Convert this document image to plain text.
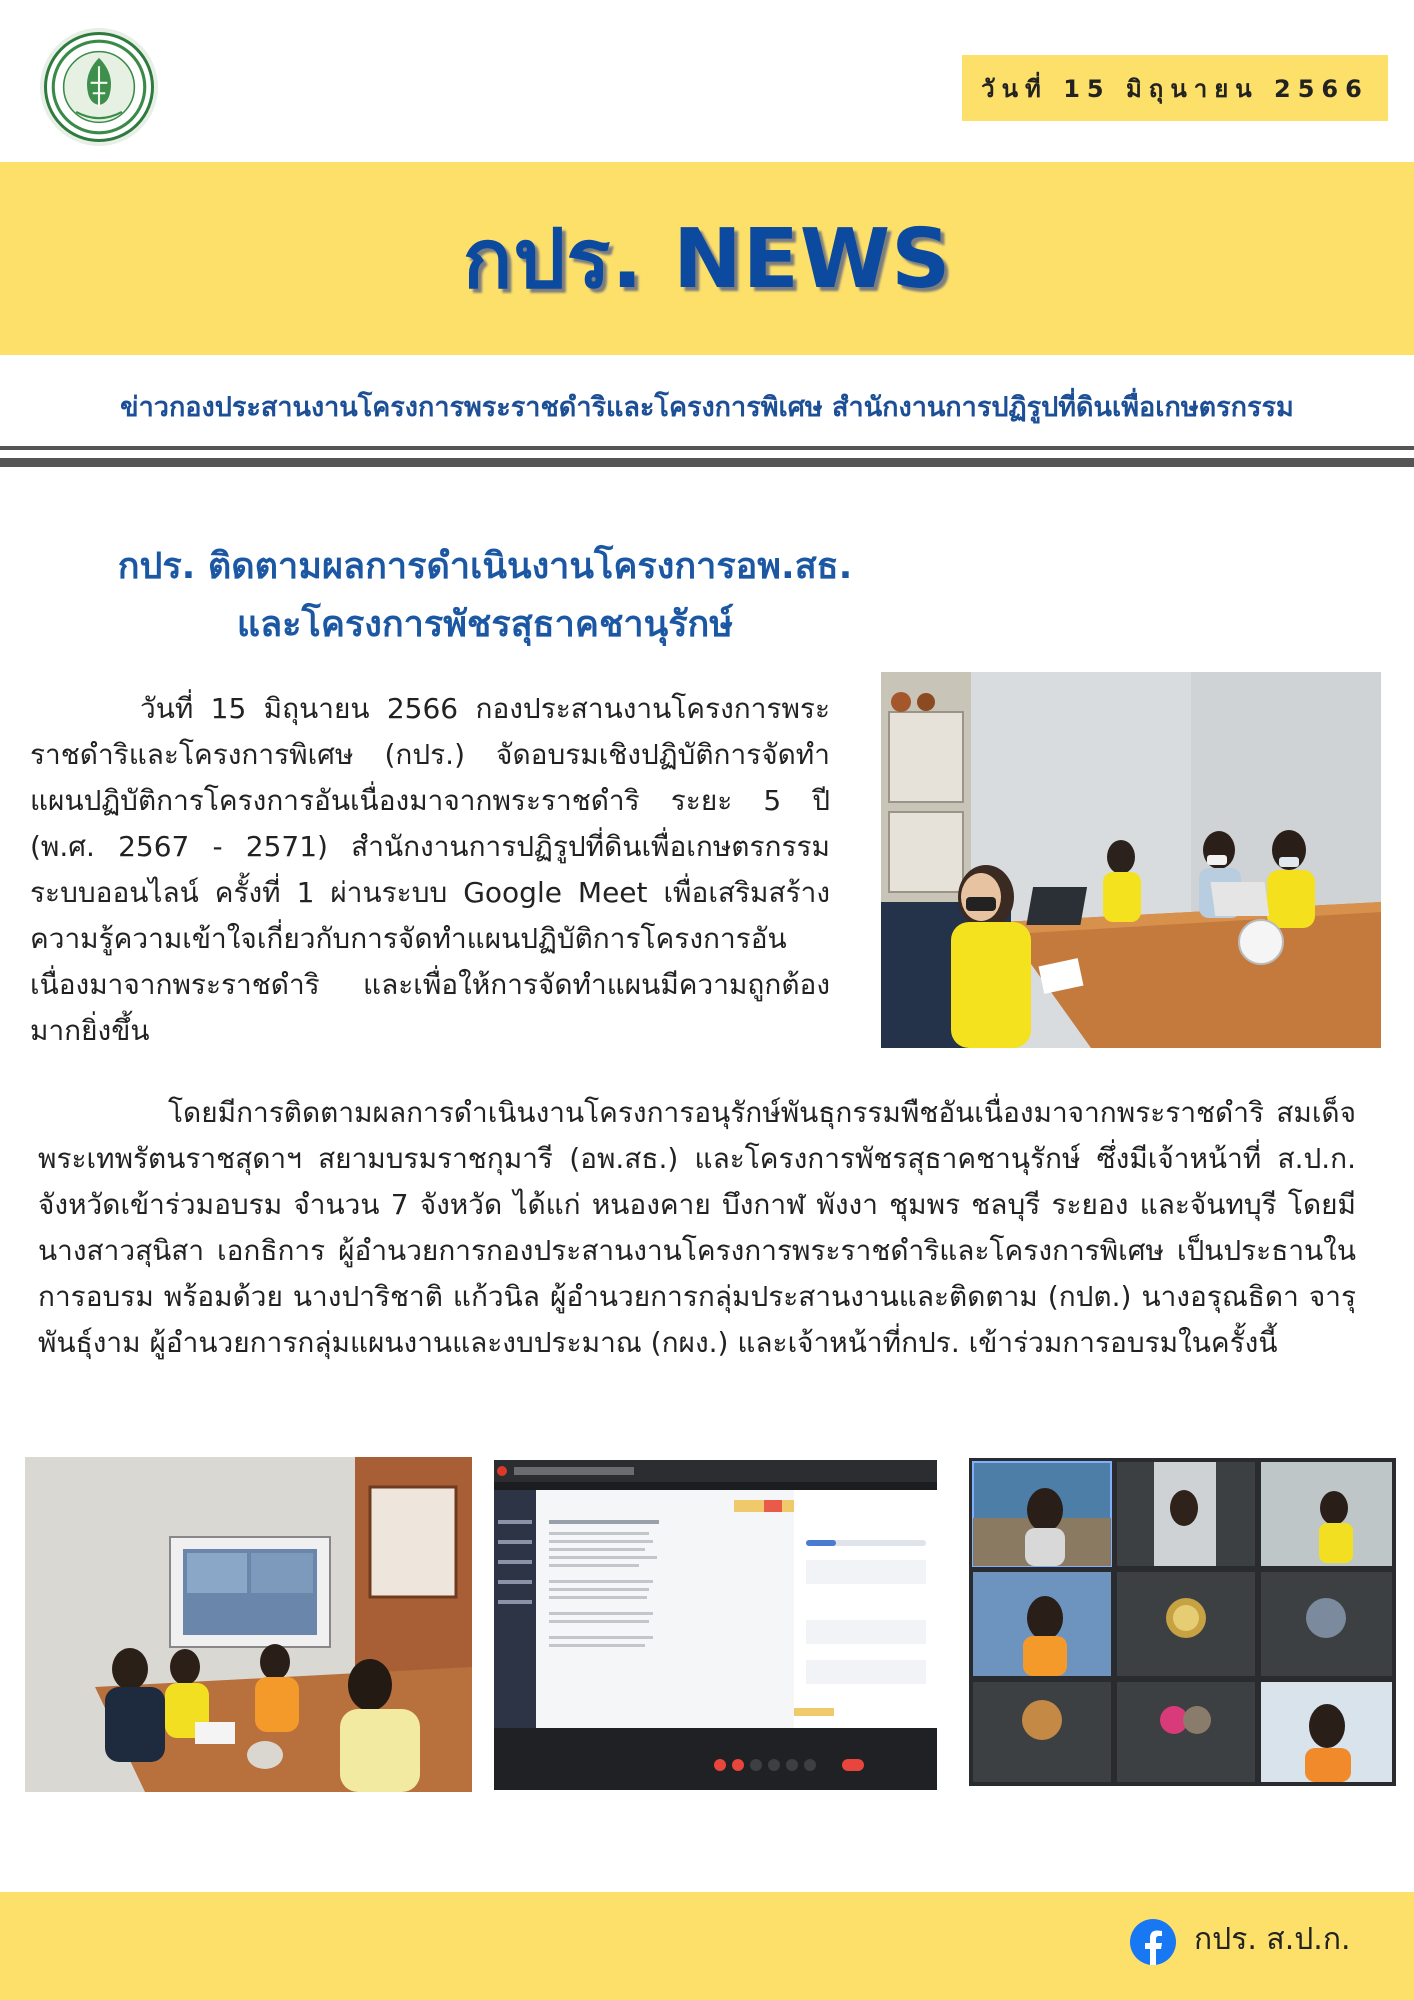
วันที่ 15 มิถุนายน 2566
กปร. NEWS
ข่าวกองประสานงานโครงการพระราชดำริและโครงการพิเศษ สำนักงานการปฏิรูปที่ดินเพื่อเกษตรกรรม
กปร. ติดตามผลการดำเนินงานโครงการอพ.สธ.
และโครงการพัชรสุธาคชานุรักษ์
วันที่ 15 มิถุนายน 2566 กองประสานงานโครงการพระราชดำริและโครงการพิเศษ (กปร.) จัดอบรมเชิงปฏิบัติการจัดทำแผนปฏิบัติการโครงการอันเนื่องมาจากพระราชดำริ ระยะ 5 ปี (พ.ศ. 2567 - 2571) สำนักงานการปฏิรูปที่ดินเพื่อเกษตรกรรม ระบบออนไลน์ ครั้งที่ 1 ผ่านระบบ Google Meet เพื่อเสริมสร้างความรู้ความเข้าใจเกี่ยวกับการจัดทำแผนปฏิบัติการโครงการอันเนื่องมาจากพระราชดำริ และเพื่อให้การจัดทำแผนมีความถูกต้องมากยิ่งขึ้น
โดยมีการติดตามผลการดำเนินงานโครงการอนุรักษ์พันธุกรรมพืชอันเนื่องมาจากพระราชดำริ สมเด็จพระเทพรัตนราชสุดาฯ สยามบรมราชกุมารี (อพ.สธ.) และโครงการพัชรสุธาคชานุรักษ์ ซึ่งมีเจ้าหน้าที่ ส.ป.ก. จังหวัดเข้าร่วมอบรม จำนวน 7 จังหวัด ได้แก่ หนองคาย บึงกาฬ พังงา ชุมพร ชลบุรี ระยอง และจันทบุรี โดยมีนางสาวสุนิสา เอกธิการ ผู้อำนวยการกองประสานงานโครงการพระราชดำริและโครงการพิเศษ เป็นประธานในการอบรม พร้อมด้วย นางปาริชาติ แก้วนิล ผู้อำนวยการกลุ่มประสานงานและติดตาม (กปต.) นางอรุณธิดา จารุพันธุ์งาม ผู้อำนวยการกลุ่มแผนงานและงบประมาณ (กผง.) และเจ้าหน้าที่กปร. เข้าร่วมการอบรมในครั้งนี้
กปร. ส.ป.ก.
